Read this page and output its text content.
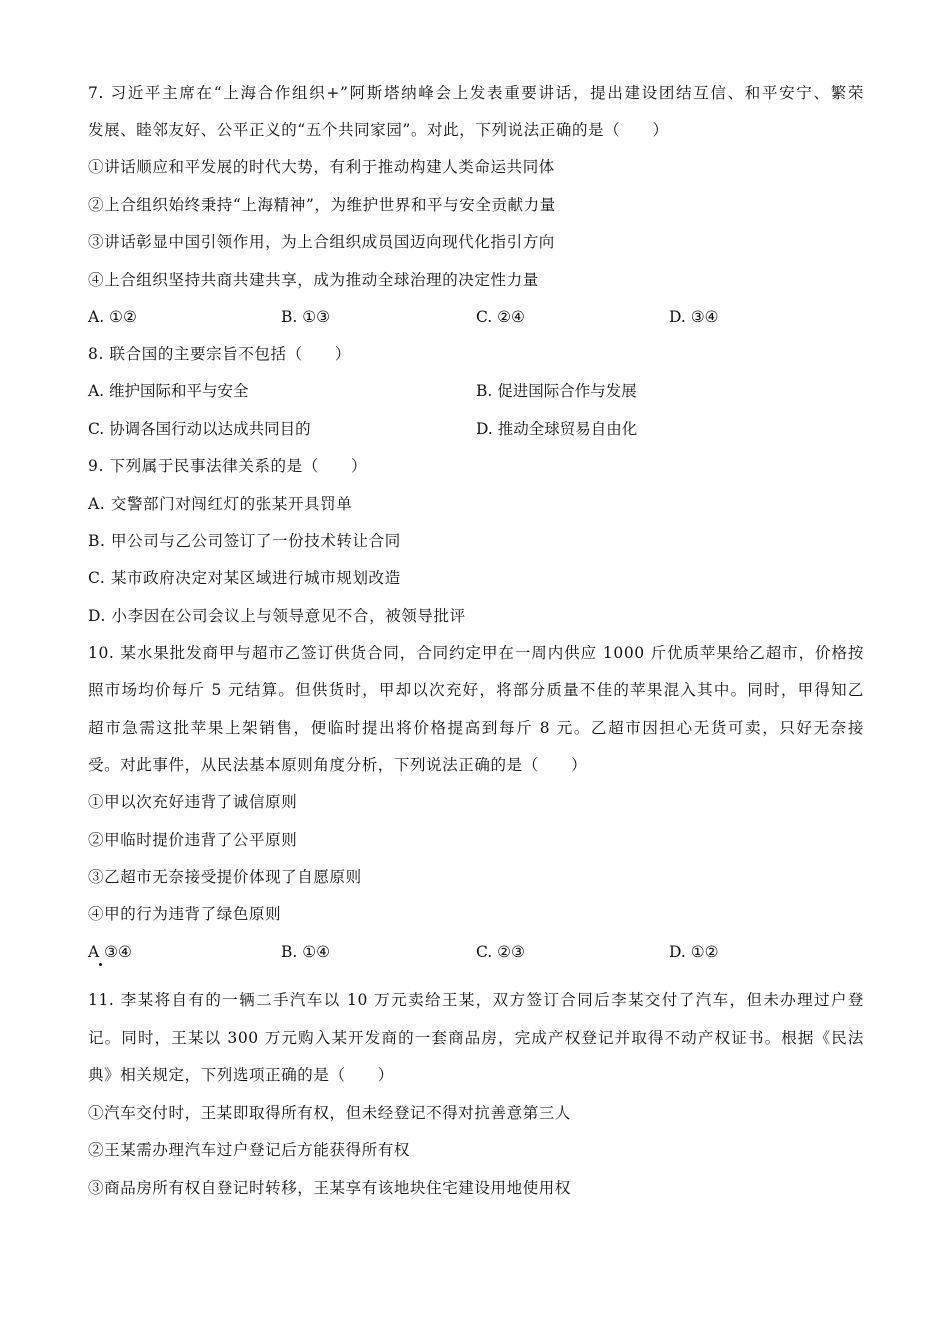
7. 习近平主席在“上海合作组织+”阿斯塔纳峰会上发表重要讲话，提出建设团结互信、和平安宁、繁荣
发展、睦邻友好、公平正义的“五个共同家园”。对此，下列说法正确的是（　　）
①讲话顺应和平发展的时代大势，有利于推动构建人类命运共同体
②上合组织始终秉持“上海精神”，为维护世界和平与安全贡献力量
③讲话彰显中国引领作用，为上合组织成员国迈向现代化指引方向
④上合组织坚持共商共建共享，成为推动全球治理的决定性力量
A. ①②	B. ①③	C. ②④	D. ③④
8. 联合国的主要宗旨不包括（　　）
A. 维护国际和平与安全	B. 促进国际合作与发展
C. 协调各国行动以达成共同目的	D. 推动全球贸易自由化
9. 下列属于民事法律关系的是（　　）
A. 交警部门对闯红灯的张某开具罚单
B. 甲公司与乙公司签订了一份技术转让合同
C. 某市政府决定对某区域进行城市规划改造
D. 小李因在公司会议上与领导意见不合，被领导批评
10. 某水果批发商甲与超市乙签订供货合同，合同约定甲在一周内供应 1000 斤优质苹果给乙超市，价格按
照市场均价每斤 5 元结算。但供货时，甲却以次充好，将部分质量不佳的苹果混入其中。同时，甲得知乙
超市急需这批苹果上架销售，便临时提出将价格提高到每斤 8 元。乙超市因担心无货可卖，只好无奈接
受。对此事件，从民法基本原则角度分析，下列说法正确的是（　　）
①甲以次充好违背了诚信原则
②甲临时提价违背了公平原则
③乙超市无奈接受提价体现了自愿原则
④甲的行为违背了绿色原则
A ③④	B. ①④	C. ②③	D. ①②
11. 李某将自有的一辆二手汽车以 10 万元卖给王某，双方签订合同后李某交付了汽车，但未办理过户登
记。同时，王某以 300 万元购入某开发商的一套商品房，完成产权登记并取得不动产权证书。根据《民法
典》相关规定，下列选项正确的是（　　）
①汽车交付时，王某即取得所有权，但未经登记不得对抗善意第三人
②王某需办理汽车过户登记后方能获得所有权
③商品房所有权自登记时转移，王某享有该地块住宅建设用地使用权
